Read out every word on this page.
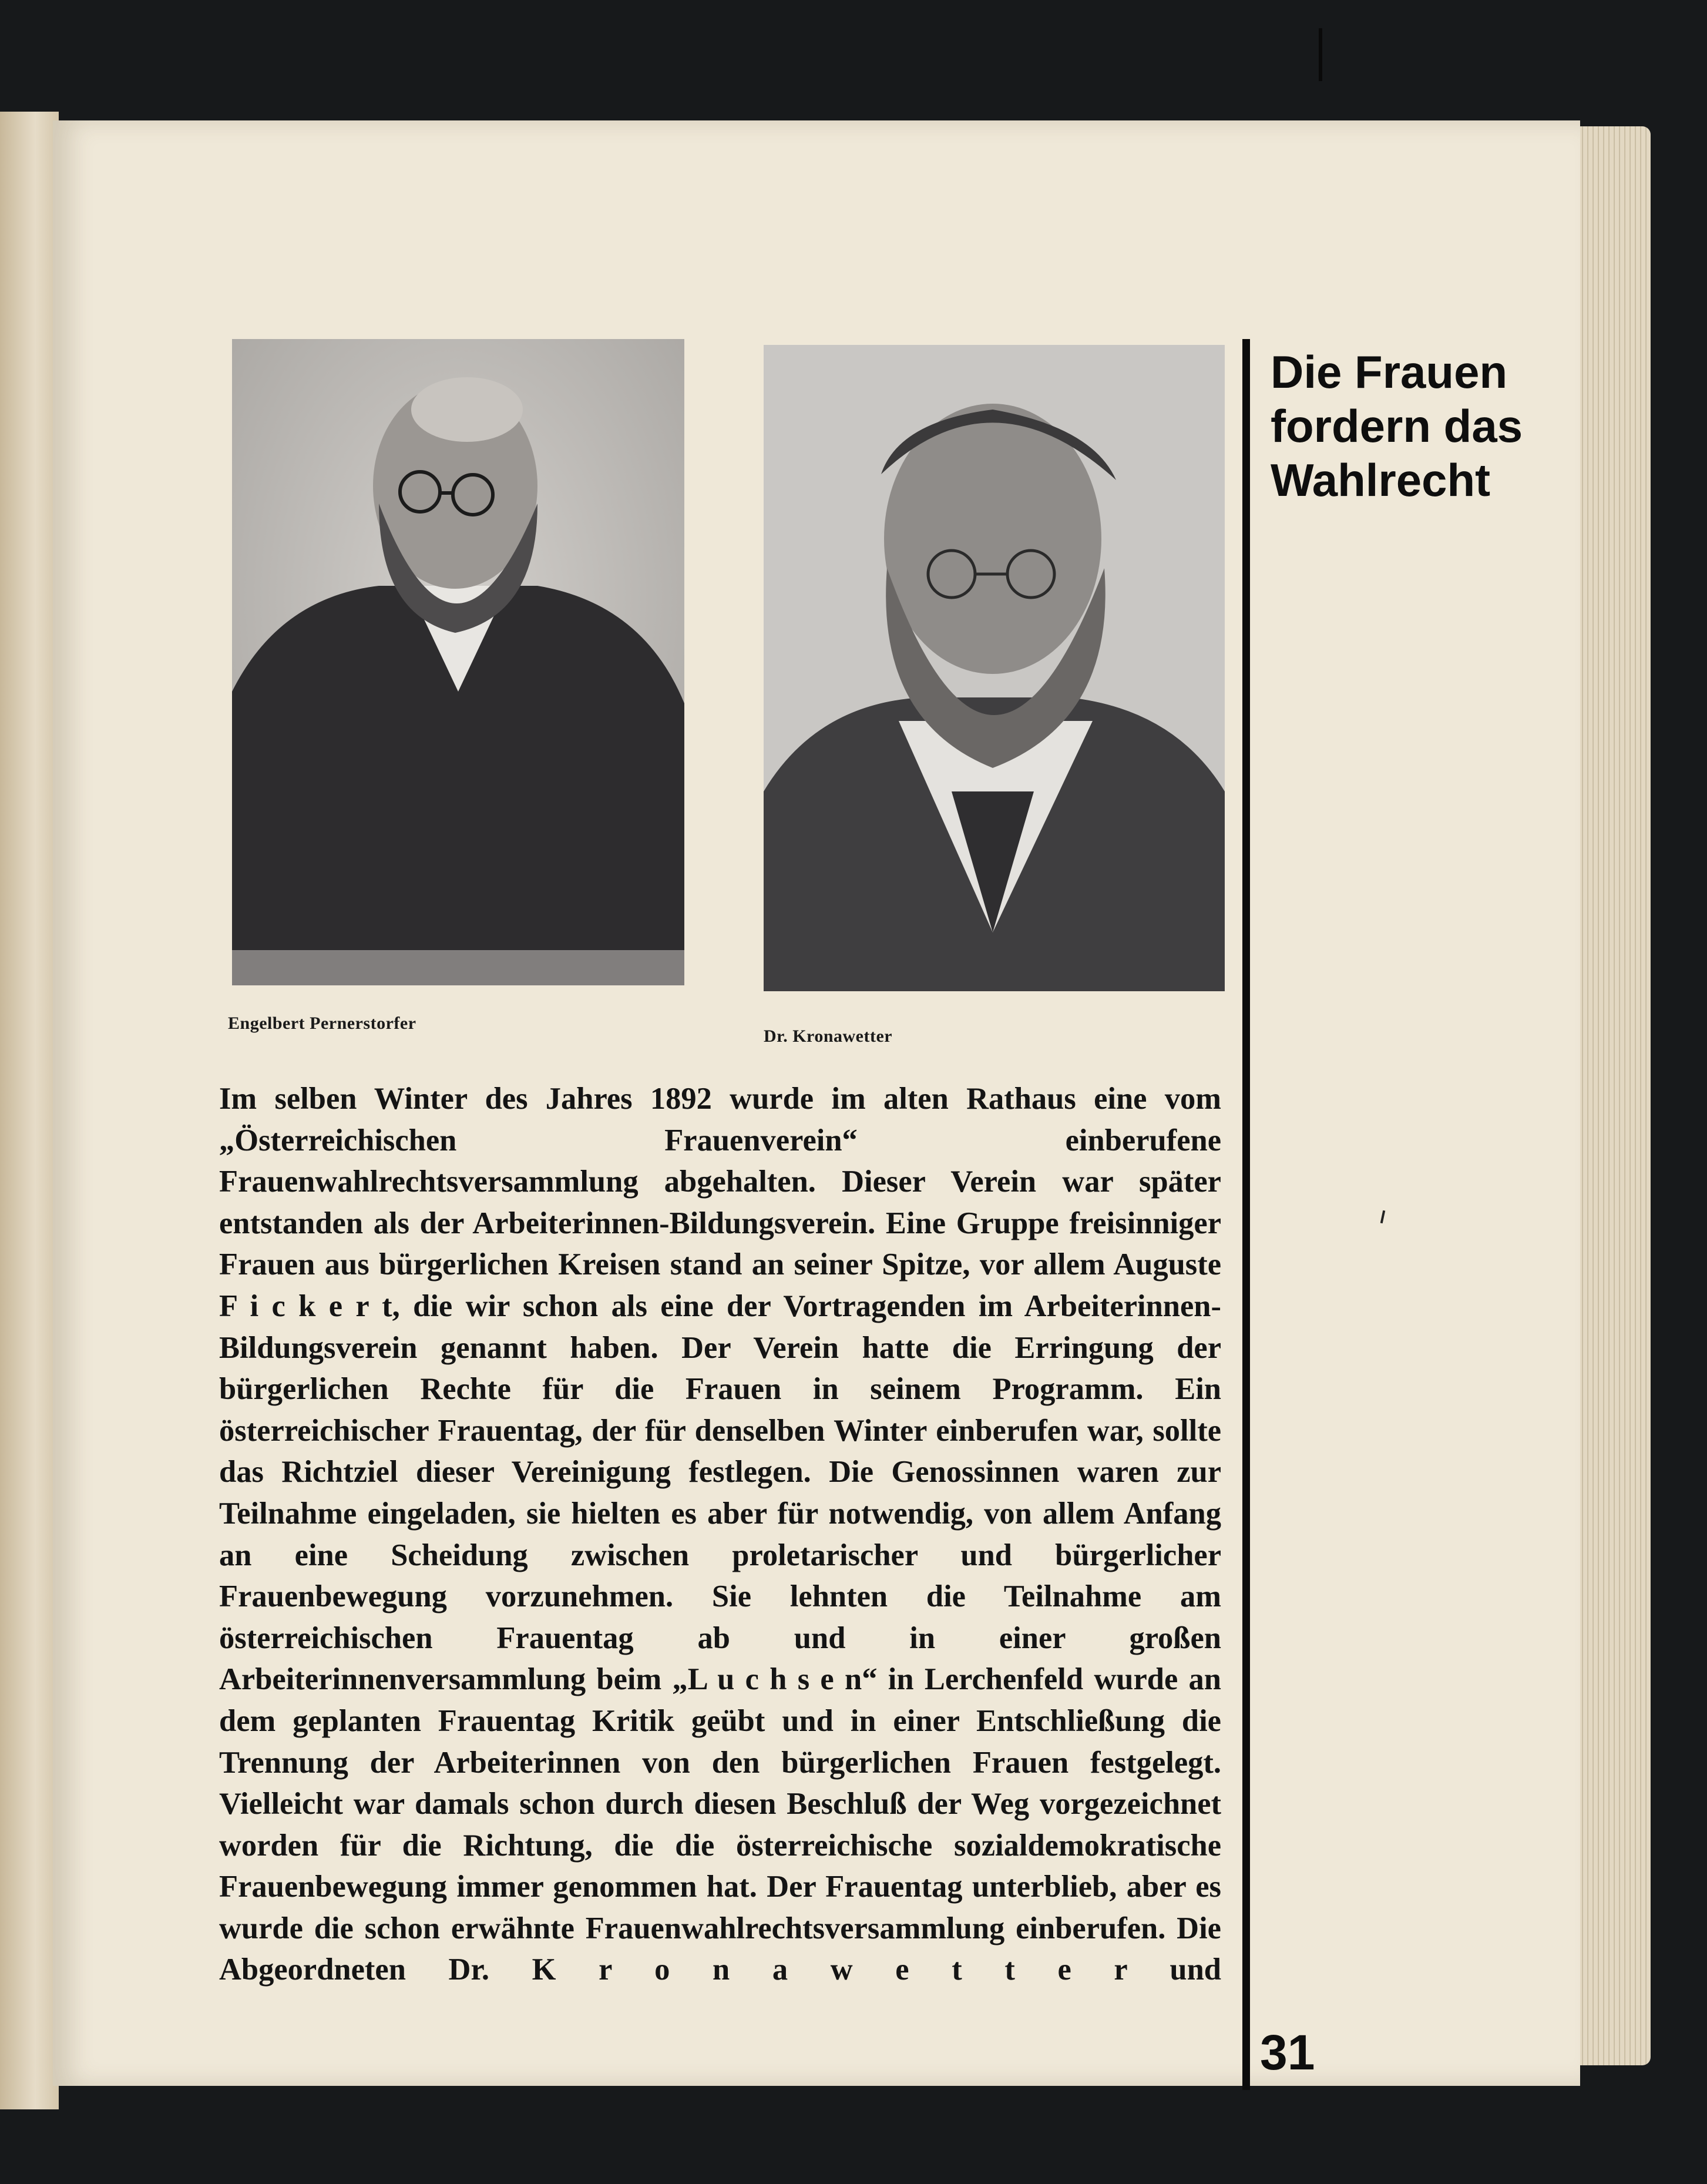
Engelbert Pernerstorfer
Dr. Kronawetter
Die Frauen fordern das Wahlrecht
Im selben Winter des Jahres 1892 wurde im alten Rathaus eine vom „Österreichischen Frauenverein“ einberufene Frauenwahlrechtsversammlung abgehalten. Dieser Verein war später entstanden als der Arbeiterinnen-Bildungsverein. Eine Gruppe freisinniger Frauen aus bürgerlichen Kreisen stand an seiner Spitze, vor allem Auguste F i c k e r t, die wir schon als eine der Vortragenden im Arbeiterinnen-Bildungsverein genannt haben. Der Verein hatte die Erringung der bürgerlichen Rechte für die Frauen in seinem Programm. Ein österreichischer Frauentag, der für denselben Winter einberufen war, sollte das Richtziel dieser Vereinigung festlegen. Die Genossinnen waren zur Teilnahme eingeladen, sie hielten es aber für notwendig, von allem Anfang an eine Scheidung zwischen proletarischer und bürgerlicher Frauenbewegung vorzunehmen. Sie lehnten die Teilnahme am österreichischen Frauentag ab und in einer großen Arbeiterinnenversammlung beim „L u c h s e n“ in Lerchenfeld wurde an dem geplanten Frauentag Kritik geübt und in einer Entschließung die Trennung der Arbeiterinnen von den bürgerlichen Frauen festgelegt. Vielleicht war damals schon durch diesen Beschluß der Weg vorgezeichnet worden für die Richtung, die die österreichische sozialdemokratische Frauenbewegung immer genommen hat. Der Frauentag unterblieb, aber es wurde die schon erwähnte Frauenwahlrechtsversammlung einberufen. Die Abgeordneten Dr. K r o n a w e t t e r und
31
